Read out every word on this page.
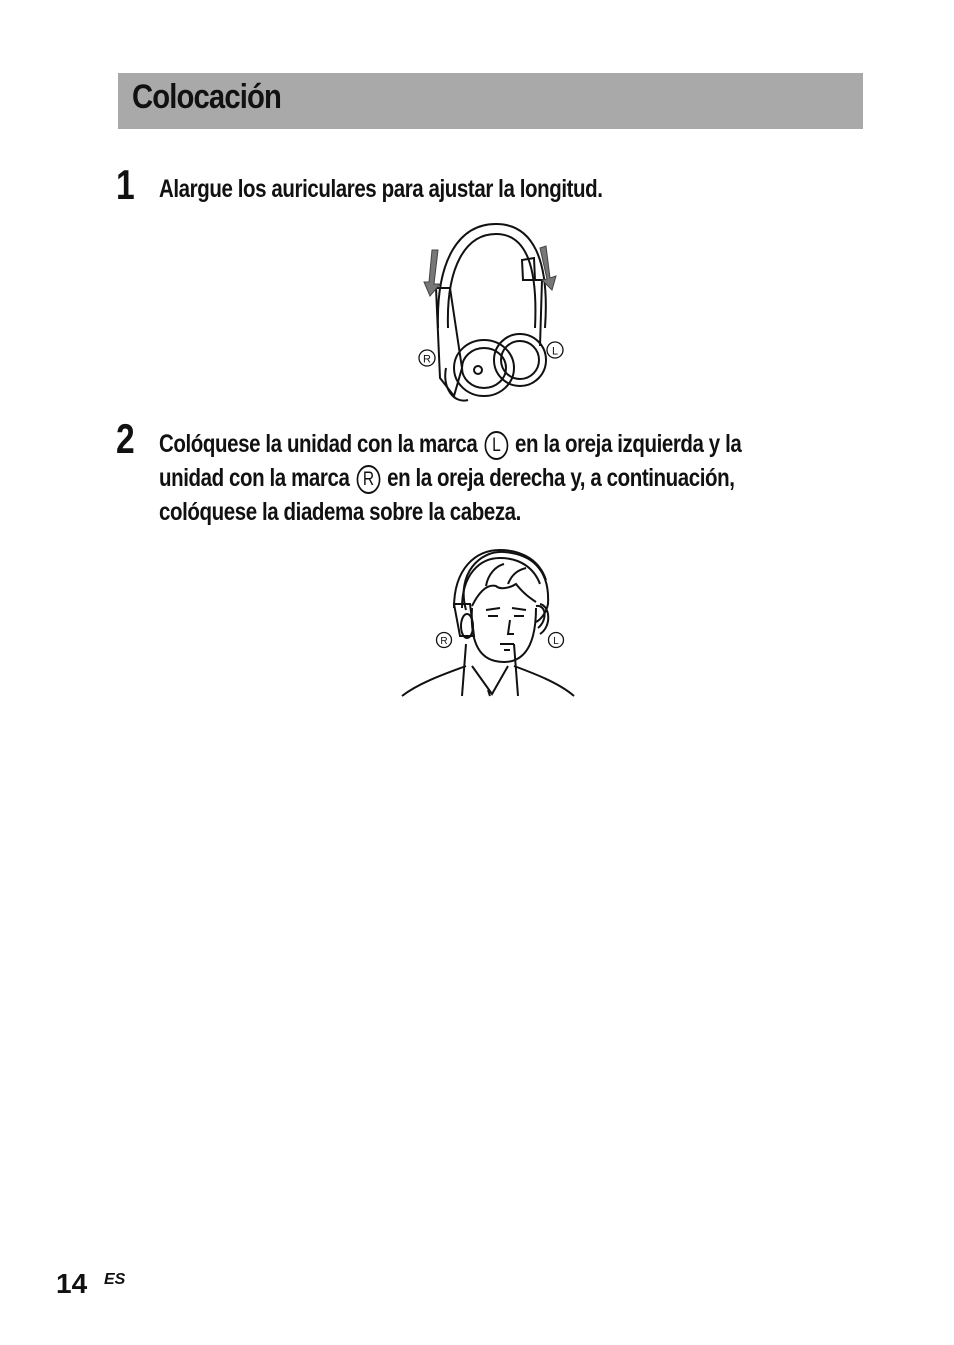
Colocación
1 Alargue los auriculares para ajustar la longitud.
R
L
2 Colóquese la unidad con la marca L en la oreja izquierda y la
unidad con la marca R en la oreja derecha y, a continuación,
colóquese la diadema sobre la cabeza.
R	L
14 ES
